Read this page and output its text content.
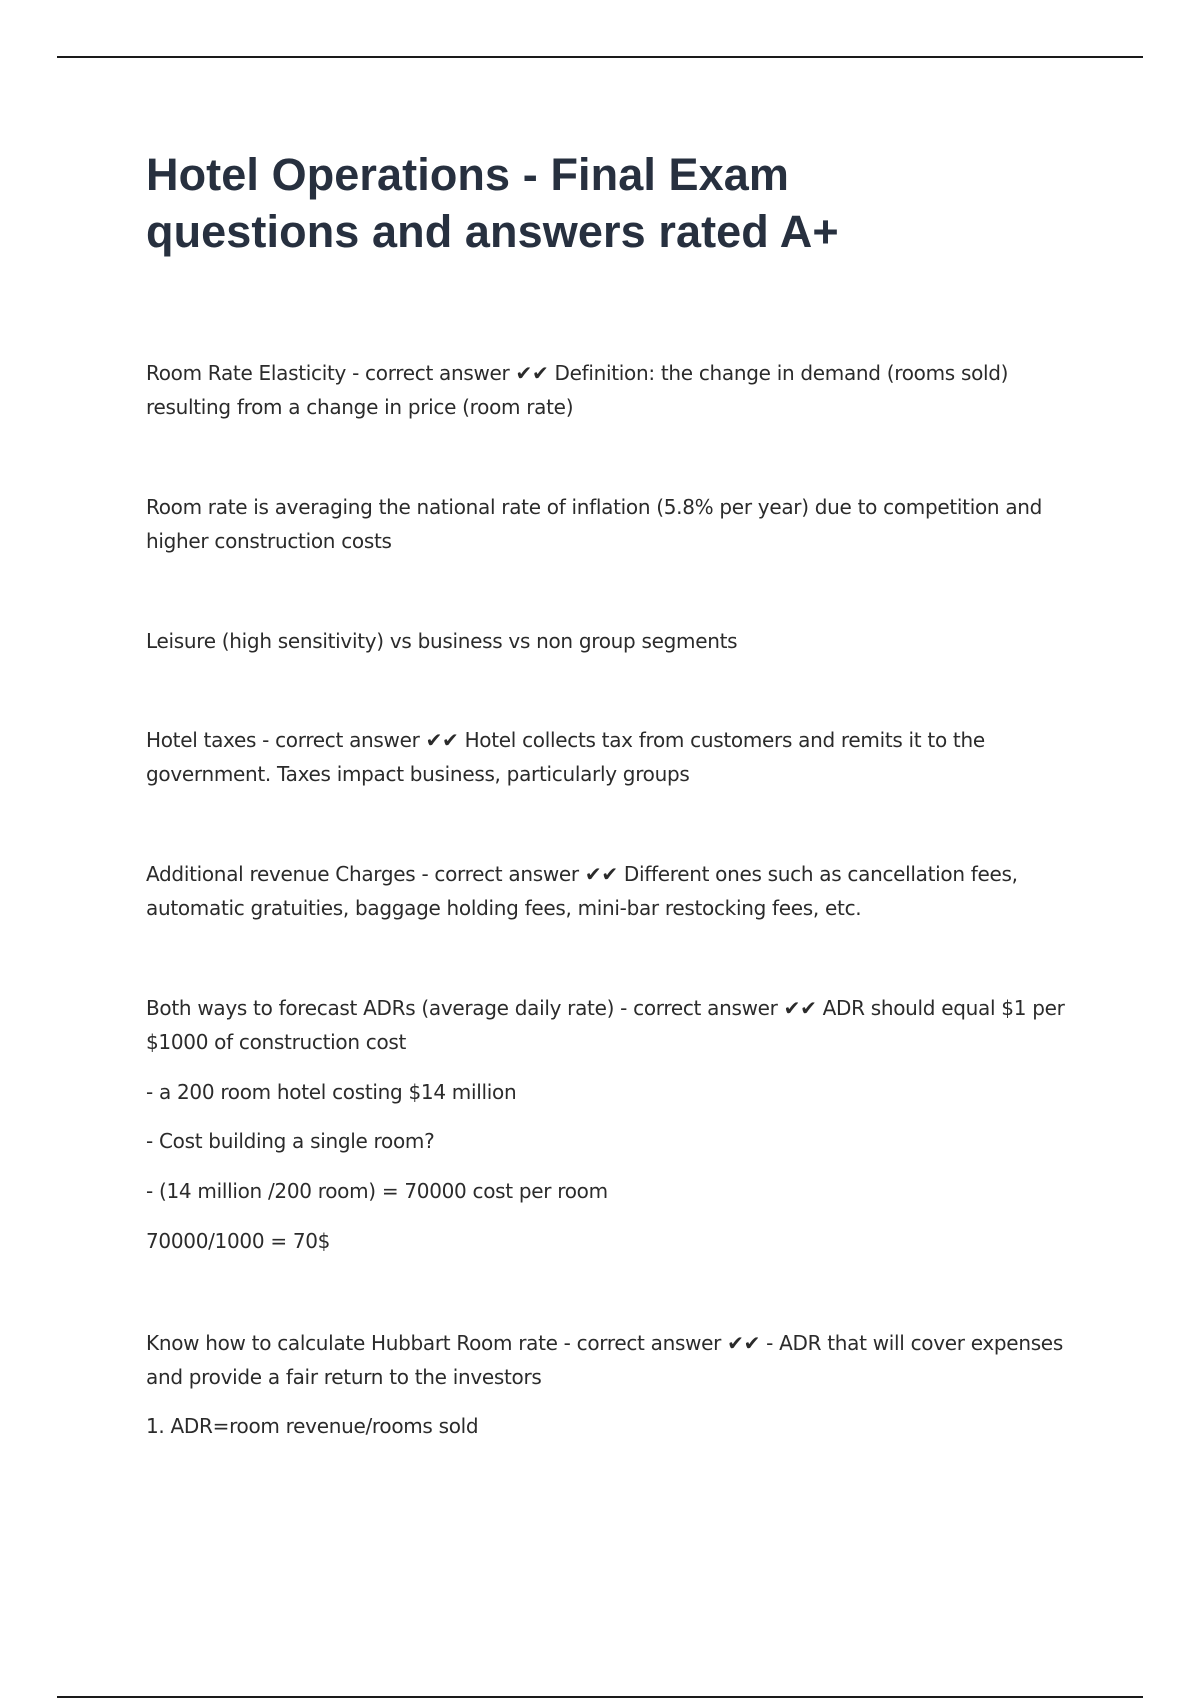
Hotel Operations - Final Exam
questions and answers rated A+
Room Rate Elasticity - correct answer ✔✔ Definition: the change in demand (rooms sold)
resulting from a change in price (room rate)
Room rate is averaging the national rate of inflation (5.8% per year) due to competition and
higher construction costs
Leisure (high sensitivity) vs business vs non group segments
Hotel taxes - correct answer ✔✔ Hotel collects tax from customers and remits it to the
government. Taxes impact business, particularly groups
Additional revenue Charges - correct answer ✔✔ Different ones such as cancellation fees,
automatic gratuities, baggage holding fees, mini-bar restocking fees, etc.
Both ways to forecast ADRs (average daily rate) - correct answer ✔✔ ADR should equal $1 per
$1000 of construction cost
- a 200 room hotel costing $14 million
- Cost building a single room?
- (14 million /200 room) = 70000 cost per room
70000/1000 = 70$
Know how to calculate Hubbart Room rate - correct answer ✔✔ - ADR that will cover expenses
and provide a fair return to the investors
1. ADR=room revenue/rooms sold
